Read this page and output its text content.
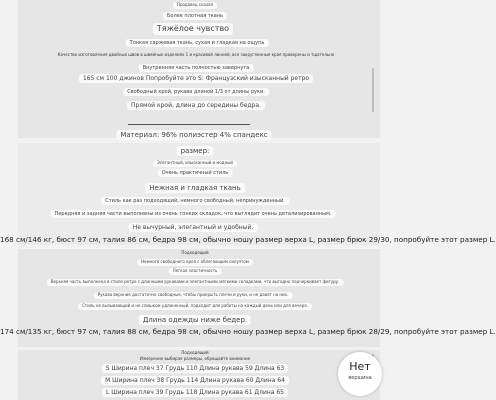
Продавец сказал
Более плотная ткань
Тяжёлое чувство
Тонкая саржевая ткань, сухая и гладкая на ощупь
Качество изготовления двойных швов в швейных изделиях 1 и красивой линией, все закругленные края проверены и тщательно
Внутренняя часть полностью завернута
165 см 100 джинов Попробуйте это S: Французский изысканный ретро
Свободный крой, рукава длиной 1/3 от длины руки.
Прямой крой, длина до середины бедра.
Материал: 96% полиэстер 4% спандекс
размер:
Элегантный, изысканный и модный
Очень практичный стиль
Нежная и гладкая ткань
Стиль как раз подходящий, немного свободный, непринужденный.
Передняя и задняя части выполнены из очень тонких складок, что выглядит очень детализированным.
Не вычурный, элегантный и удобный.
168 см/146 кг, бюст 97 см, талия 86 см, бедра 98 см, обычно ношу размер верха L, размер брюк 29/30, попробуйте этот размер L.
Подходящий
Немного свободного кроя с облегающим силуэтом
Легкая эластичность
Верхняя часть выполнена в стиле ретро с длинными рукавами и элегантными мягкими складками, что выгодно подчеркивает фигуру.
Рукава верхние достаточно свободные, чтобы прикрыть плечи и руки, и не давят на них.
Стиль не вызывающий и не слишком удлиненный, подходит для работы на каждый день или для вечера.
Длина одежды ниже бедер.
174 см/135 кг, бюст 97 см, талия 88 см, бедра 98 см, обычно ношу размер верха L, размер брюк 28/29, попробуйте этот размер L.
Подходящий
Измерение выбирая размеры, обращайте внимание
S Ширина плеч 37 Грудь 110 Длина рукава 59 Длина 63
М Ширина плеч 38 Грудь 114 Длина рукава 60 Длина 64
L Ширина плеч 39 Грудь 118 Длина рукава 61 Длина 65
Нет
вершина
